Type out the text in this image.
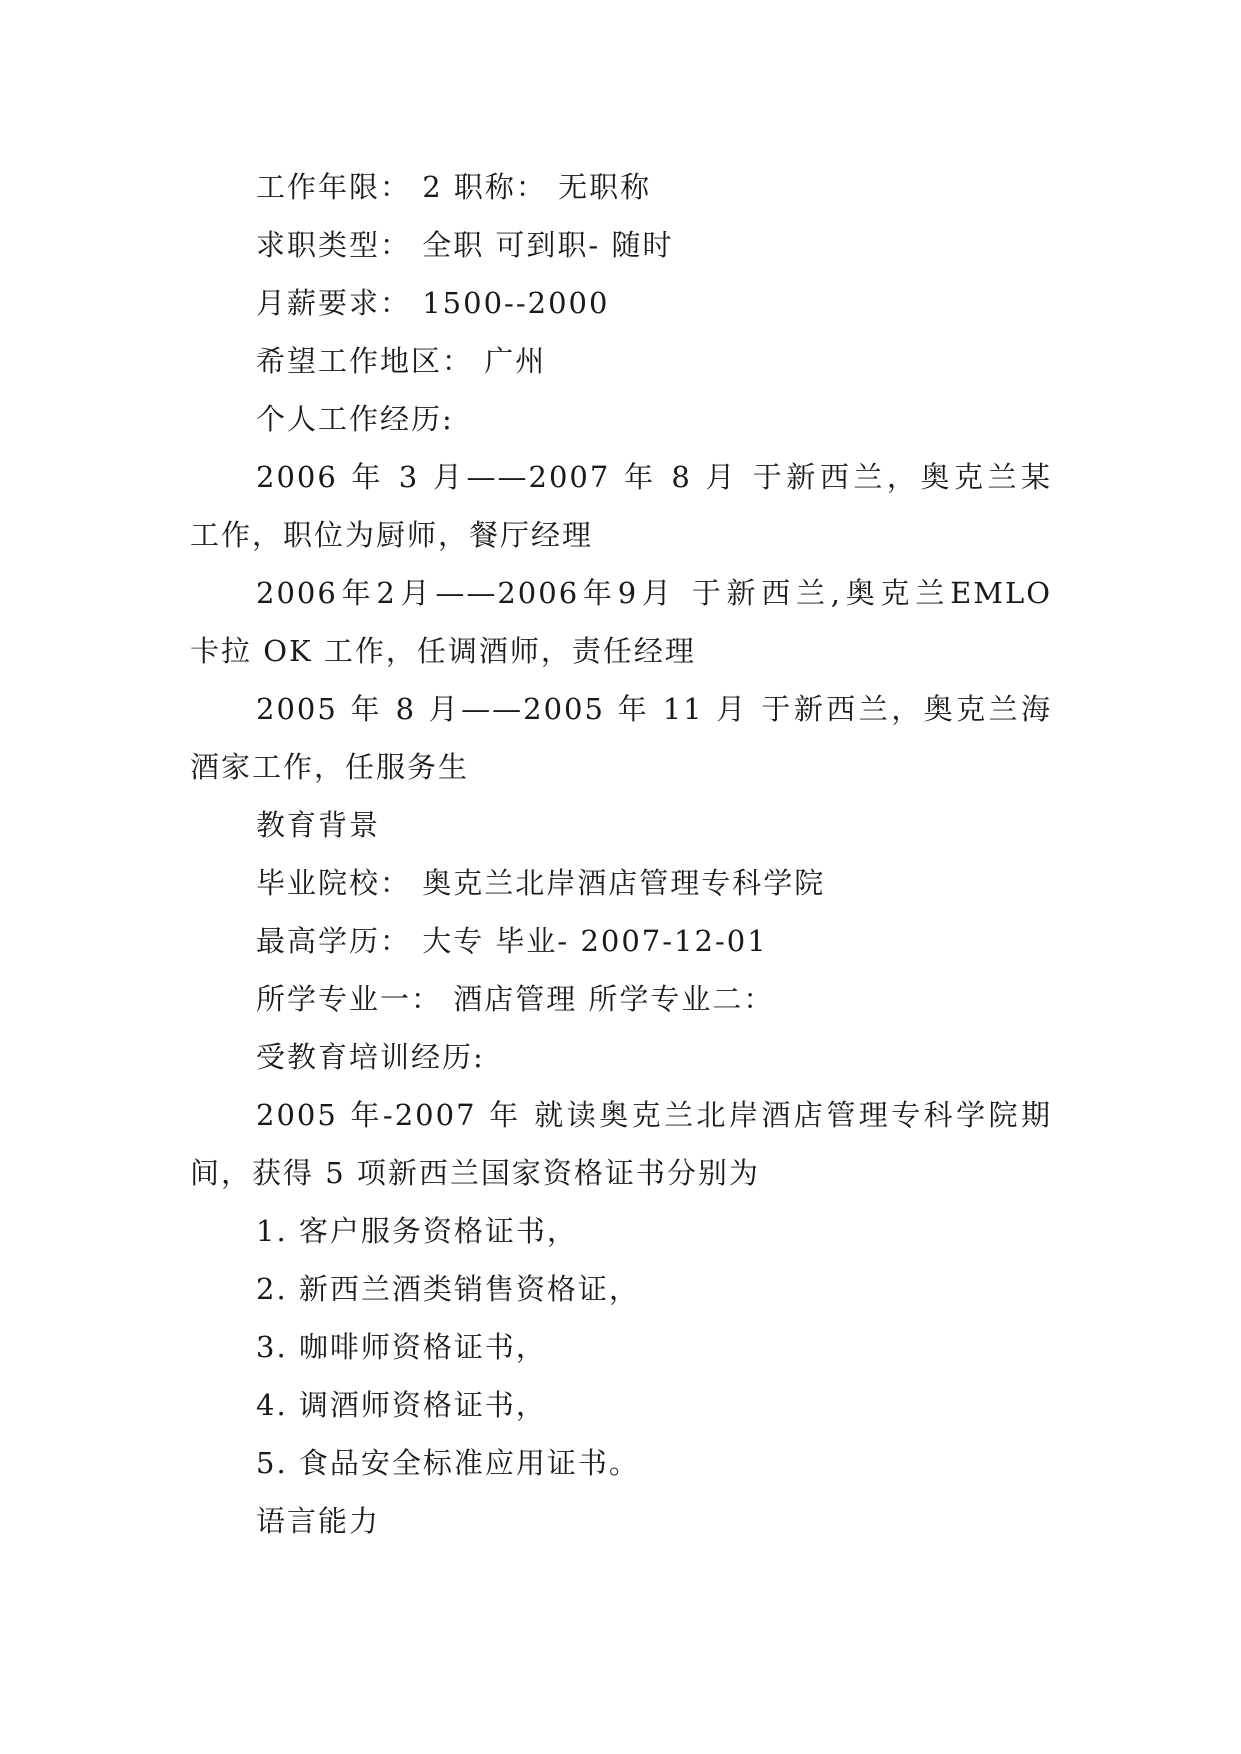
工作年限： 2 职称： 无职称
求职类型： 全职 可到职- 随时
月薪要求： 1500--2000
希望工作地区： 广州
个人工作经历:
2006 年 3 月——2007 年 8 月 于新西兰，奥克兰某
工作，职位为厨师，餐厅经理
2006年2月——2006年9月 于新西兰,奥克兰EMLO
卡拉 OK 工作，任调酒师，责任经理
2005 年 8 月——2005 年 11 月 于新西兰，奥克兰海
酒家工作，任服务生
教育背景
毕业院校： 奥克兰北岸酒店管理专科学院
最高学历： 大专 毕业- 2007-12-01
所学专业一： 酒店管理 所学专业二：
受教育培训经历:
2005 年-2007 年 就读奥克兰北岸酒店管理专科学院期
间，获得 5 项新西兰国家资格证书分别为
1. 客户服务资格证书，
2. 新西兰酒类销售资格证，
3. 咖啡师资格证书，
4. 调酒师资格证书，
5. 食品安全标准应用证书。
语言能力
